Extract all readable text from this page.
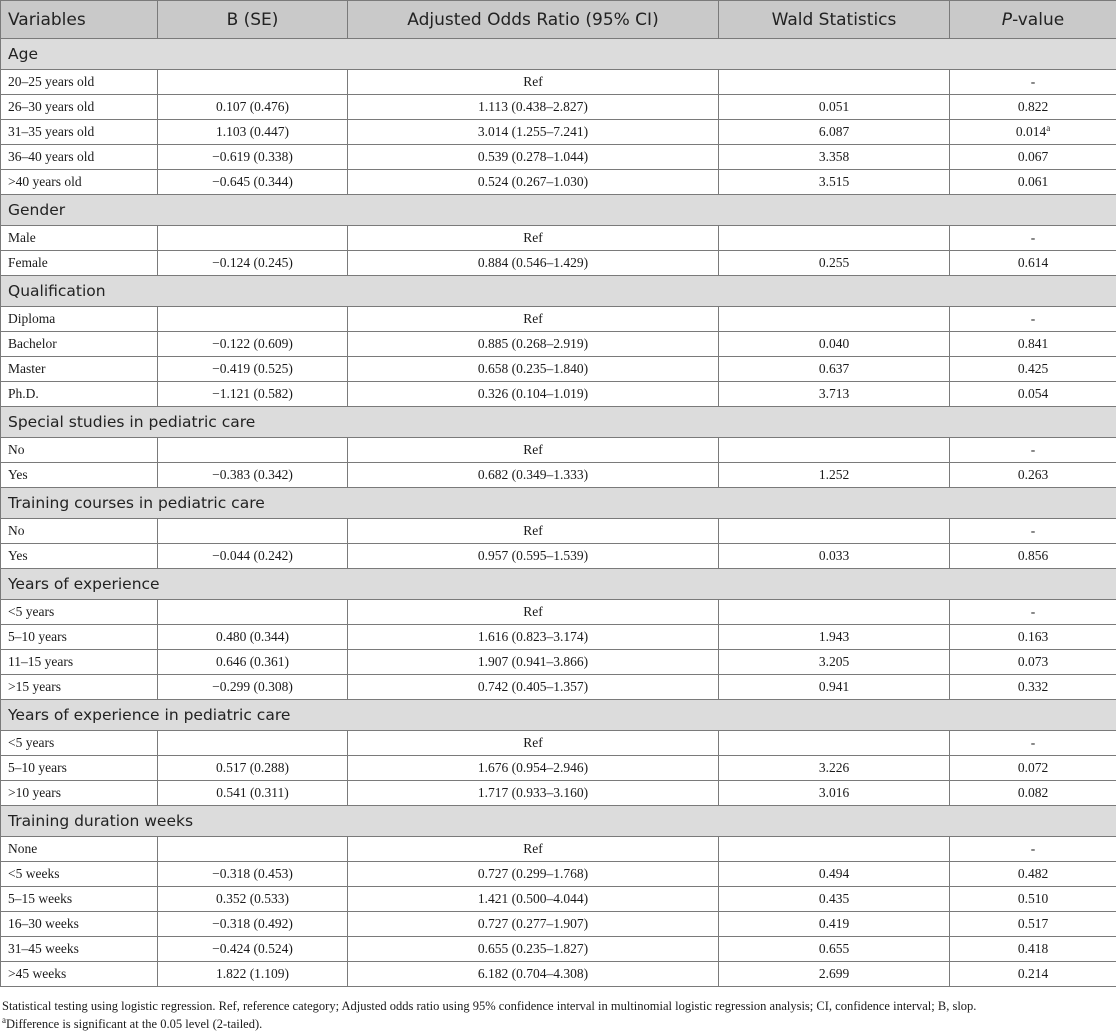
Variables	B (SE)	Adjusted Odds Ratio (95% CI)	Wald Statistics	P-value
Age				
20–25 years old		Ref		-
26–30 years old	0.107 (0.476)	1.113 (0.438–2.827)	0.051	0.822
31–35 years old	1.103 (0.447)	3.014 (1.255–7.241)	6.087	0.014$^a$
36–40 years old	−0.619 (0.338)	0.539 (0.278–1.044)	3.358	0.067
>40 years old	−0.645 (0.344)	0.524 (0.267–1.030)	3.515	0.061
Gender				
Male		Ref		-
Female	−0.124 (0.245)	0.884 (0.546–1.429)	0.255	0.614
Qualification				
Diploma		Ref		-
Bachelor	−0.122 (0.609)	0.885 (0.268–2.919)	0.040	0.841
Master	−0.419 (0.525)	0.658 (0.235–1.840)	0.637	0.425
Ph.D.	−1.121 (0.582)	0.326 (0.104–1.019)	3.713	0.054
Special studies in pediatric care				
No		Ref		-
Yes	−0.383 (0.342)	0.682 (0.349–1.333)	1.252	0.263
Training courses in pediatric care				
No		Ref		-
Yes	−0.044 (0.242)	0.957 (0.595–1.539)	0.033	0.856
Years of experience				
<5 years		Ref		-
5–10 years	0.480 (0.344)	1.616 (0.823–3.174)	1.943	0.163
11–15 years	0.646 (0.361)	1.907 (0.941–3.866)	3.205	0.073
>15 years	−0.299 (0.308)	0.742 (0.405–1.357)	0.941	0.332
Years of experience in pediatric care				
<5 years		Ref		-
5–10 years	0.517 (0.288)	1.676 (0.954–2.946)	3.226	0.072
>10 years	0.541 (0.311)	1.717 (0.933–3.160)	3.016	0.082
Training duration weeks				
None		Ref		-
<5 weeks	−0.318 (0.453)	0.727 (0.299–1.768)	0.494	0.482
5–15 weeks	0.352 (0.533)	1.421 (0.500–4.044)	0.435	0.510
16–30 weeks	−0.318 (0.492)	0.727 (0.277–1.907)	0.419	0.517
31–45 weeks	−0.424 (0.524)	0.655 (0.235–1.827)	0.655	0.418
>45 weeks	1.822 (1.109)	6.182 (0.704–4.308)	2.699	0.214
Statistical testing using logistic regression. Ref, reference category; Adjusted odds ratio using 95% confidence interval in multinomial logistic regression analysis; CI, confidence interval; B, slop.
$^a$Difference is significant at the 0.05 level (2-tailed).
